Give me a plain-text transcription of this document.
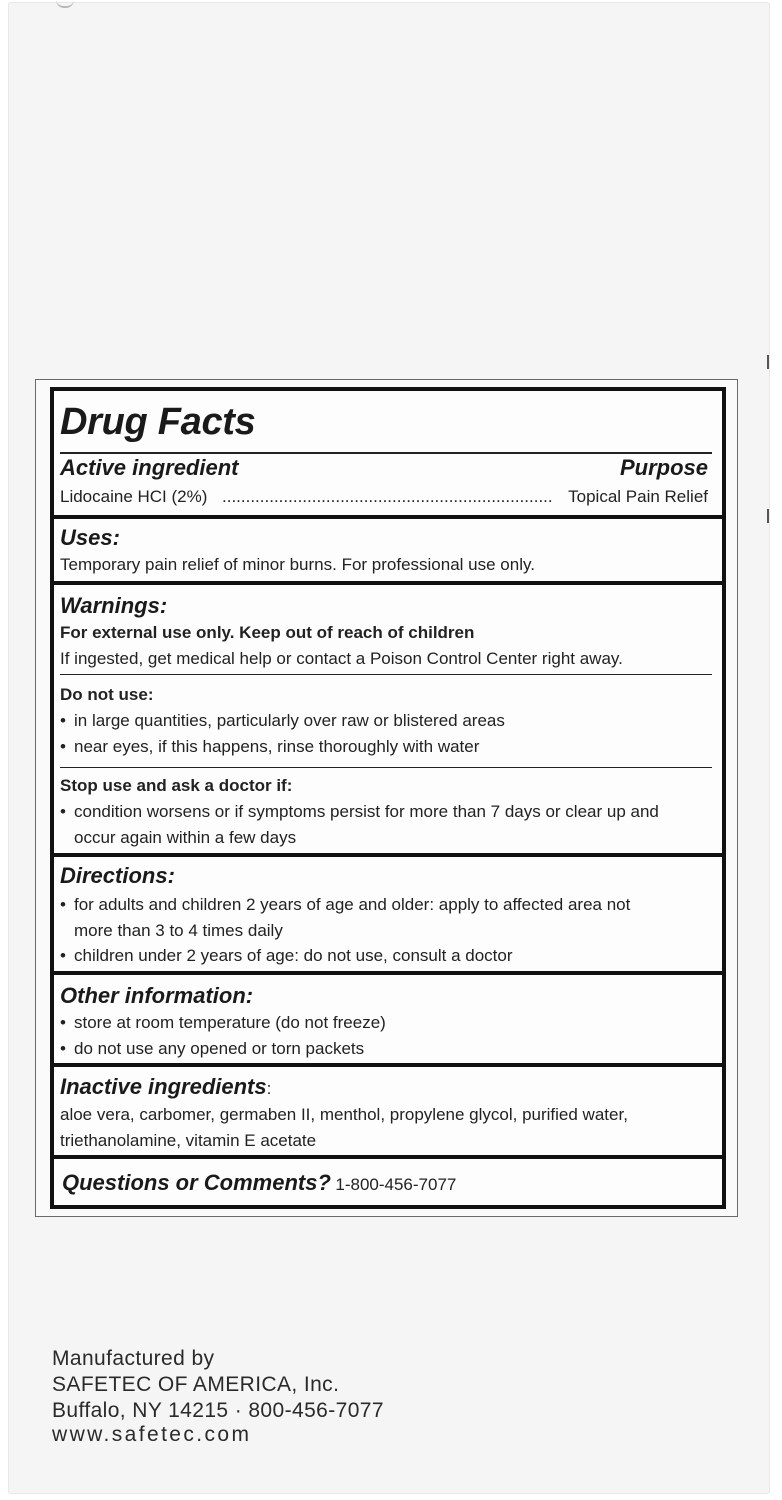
Drug Facts
Active ingredient	Purpose
Lidocaine HCI (2%) ...................................................................... Topical Pain Relief
Uses:
Temporary pain relief of minor burns. For professional use only.
Warnings:
For external use only. Keep out of reach of children
If ingested, get medical help or contact a Poison Control Center right away.
Do not use:
• in large quantities, particularly over raw or blistered areas
• near eyes, if this happens, rinse thoroughly with water
Stop use and ask a doctor if:
• condition worsens or if symptoms persist for more than 7 days or clear up and
occur again within a few days
Directions:
• for adults and children 2 years of age and older: apply to affected area not
more than 3 to 4 times daily
• children under 2 years of age: do not use, consult a doctor
Other information:
• store at room temperature (do not freeze)
• do not use any opened or torn packets
Inactive ingredients:
aloe vera, carbomer, germaben II, menthol, propylene glycol, purified water,
triethanolamine, vitamin E acetate
Questions or Comments? 1-800-456-7077
Manufactured by
SAFETEC OF AMERICA, Inc.
Buffalo, NY 14215 · 800-456-7077
www.safetec.com
